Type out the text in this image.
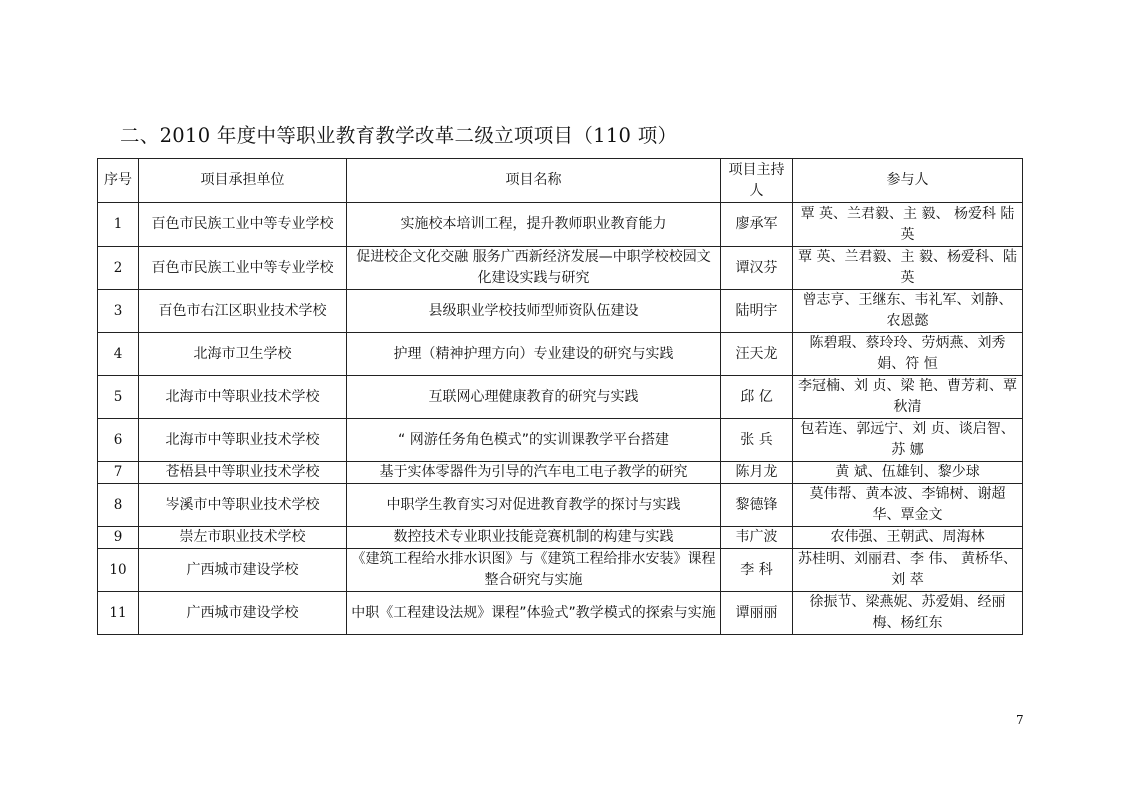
二、2010 年度中等职业教育教学改革二级立项项目（110 项）
序号	项目承担单位	项目名称	项目主持人	参与人
1	百色市民族工业中等专业学校	实施校本培训工程，提升教师职业教育能力	廖承军	覃 英、兰君毅、主 毅、 杨爱科 陆 英
2	百色市民族工业中等专业学校	促进校企文化交融 服务广西新经济发展—中职学校校园文化建设实践与研究	谭汉芬	覃 英、兰君毅、主 毅、杨爱科、陆 英
3	百色市右江区职业技术学校	县级职业学校技师型师资队伍建设	陆明宇	曾志亨、王继东、韦礼军、刘静、农恩懿
4	北海市卫生学校	护理（精神护理方向）专业建设的研究与实践	汪天龙	陈碧瑕、蔡玲玲、劳炳燕、刘秀娟、符 恒
5	北海市中等职业技术学校	互联网心理健康教育的研究与实践	邱 亿	李冠楠、刘 贞、梁 艳、曹芳莉、覃秋清
6	北海市中等职业技术学校	“ 网游任务角色模式”的实训课教学平台搭建	张 兵	包若连、郭远宁、刘 贞、谈启智、苏 娜
7	苍梧县中等职业技术学校	基于实体零器件为引导的汽车电工电子教学的研究	陈月龙	黄 斌、伍雄钊、黎少球
8	岑溪市中等职业技术学校	中职学生教育实习对促进教育教学的探讨与实践	黎德锋	莫伟帮、黄本波、李锦树、谢超华、覃金文
9	崇左市职业技术学校	数控技术专业职业技能竞赛机制的构建与实践	韦广波	农伟强、王朝武、周海林
10	广西城市建设学校	《建筑工程给水排水识图》与《建筑工程给排水安装》课程整合研究与实施	李 科	苏桂明、刘丽君、李 伟、 黄桥华、刘 萃
11	广西城市建设学校	中职《工程建设法规》课程”体验式”教学模式的探索与实施	谭丽丽	徐振节、梁燕妮、苏爱娟、经丽梅、杨红东
7
